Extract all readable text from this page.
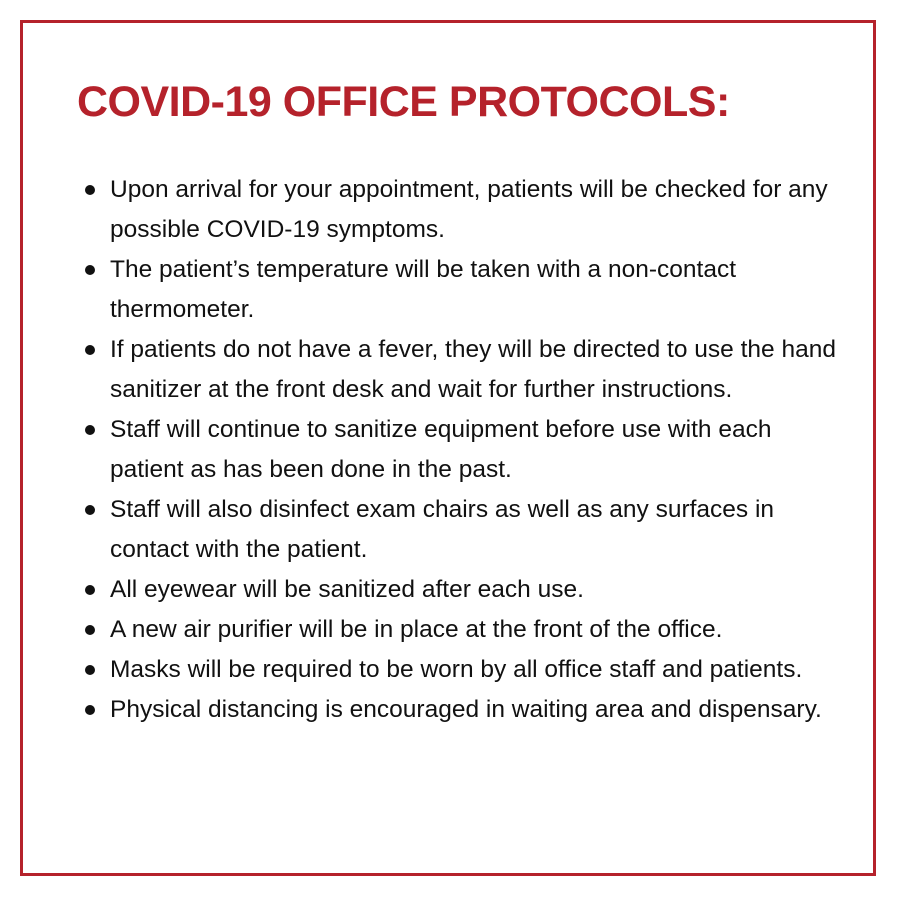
COVID-19 OFFICE PROTOCOLS:
Upon arrival for your appointment, patients will be checked for any possible COVID-19 symptoms.
The patient’s temperature will be taken with a non-contact thermometer.
If patients do not have a fever, they will be directed to use the hand sanitizer at the front desk and wait for further instructions.
Staff will continue to sanitize equipment before use with each patient as has been done in the past.
Staff will also disinfect exam chairs as well as any surfaces in contact with the patient.
All eyewear will be sanitized after each use.
A new air purifier will be in place at the front of the office.
Masks will be required to be worn by all office staff and patients.
Physical distancing is encouraged in waiting area and dispensary.
